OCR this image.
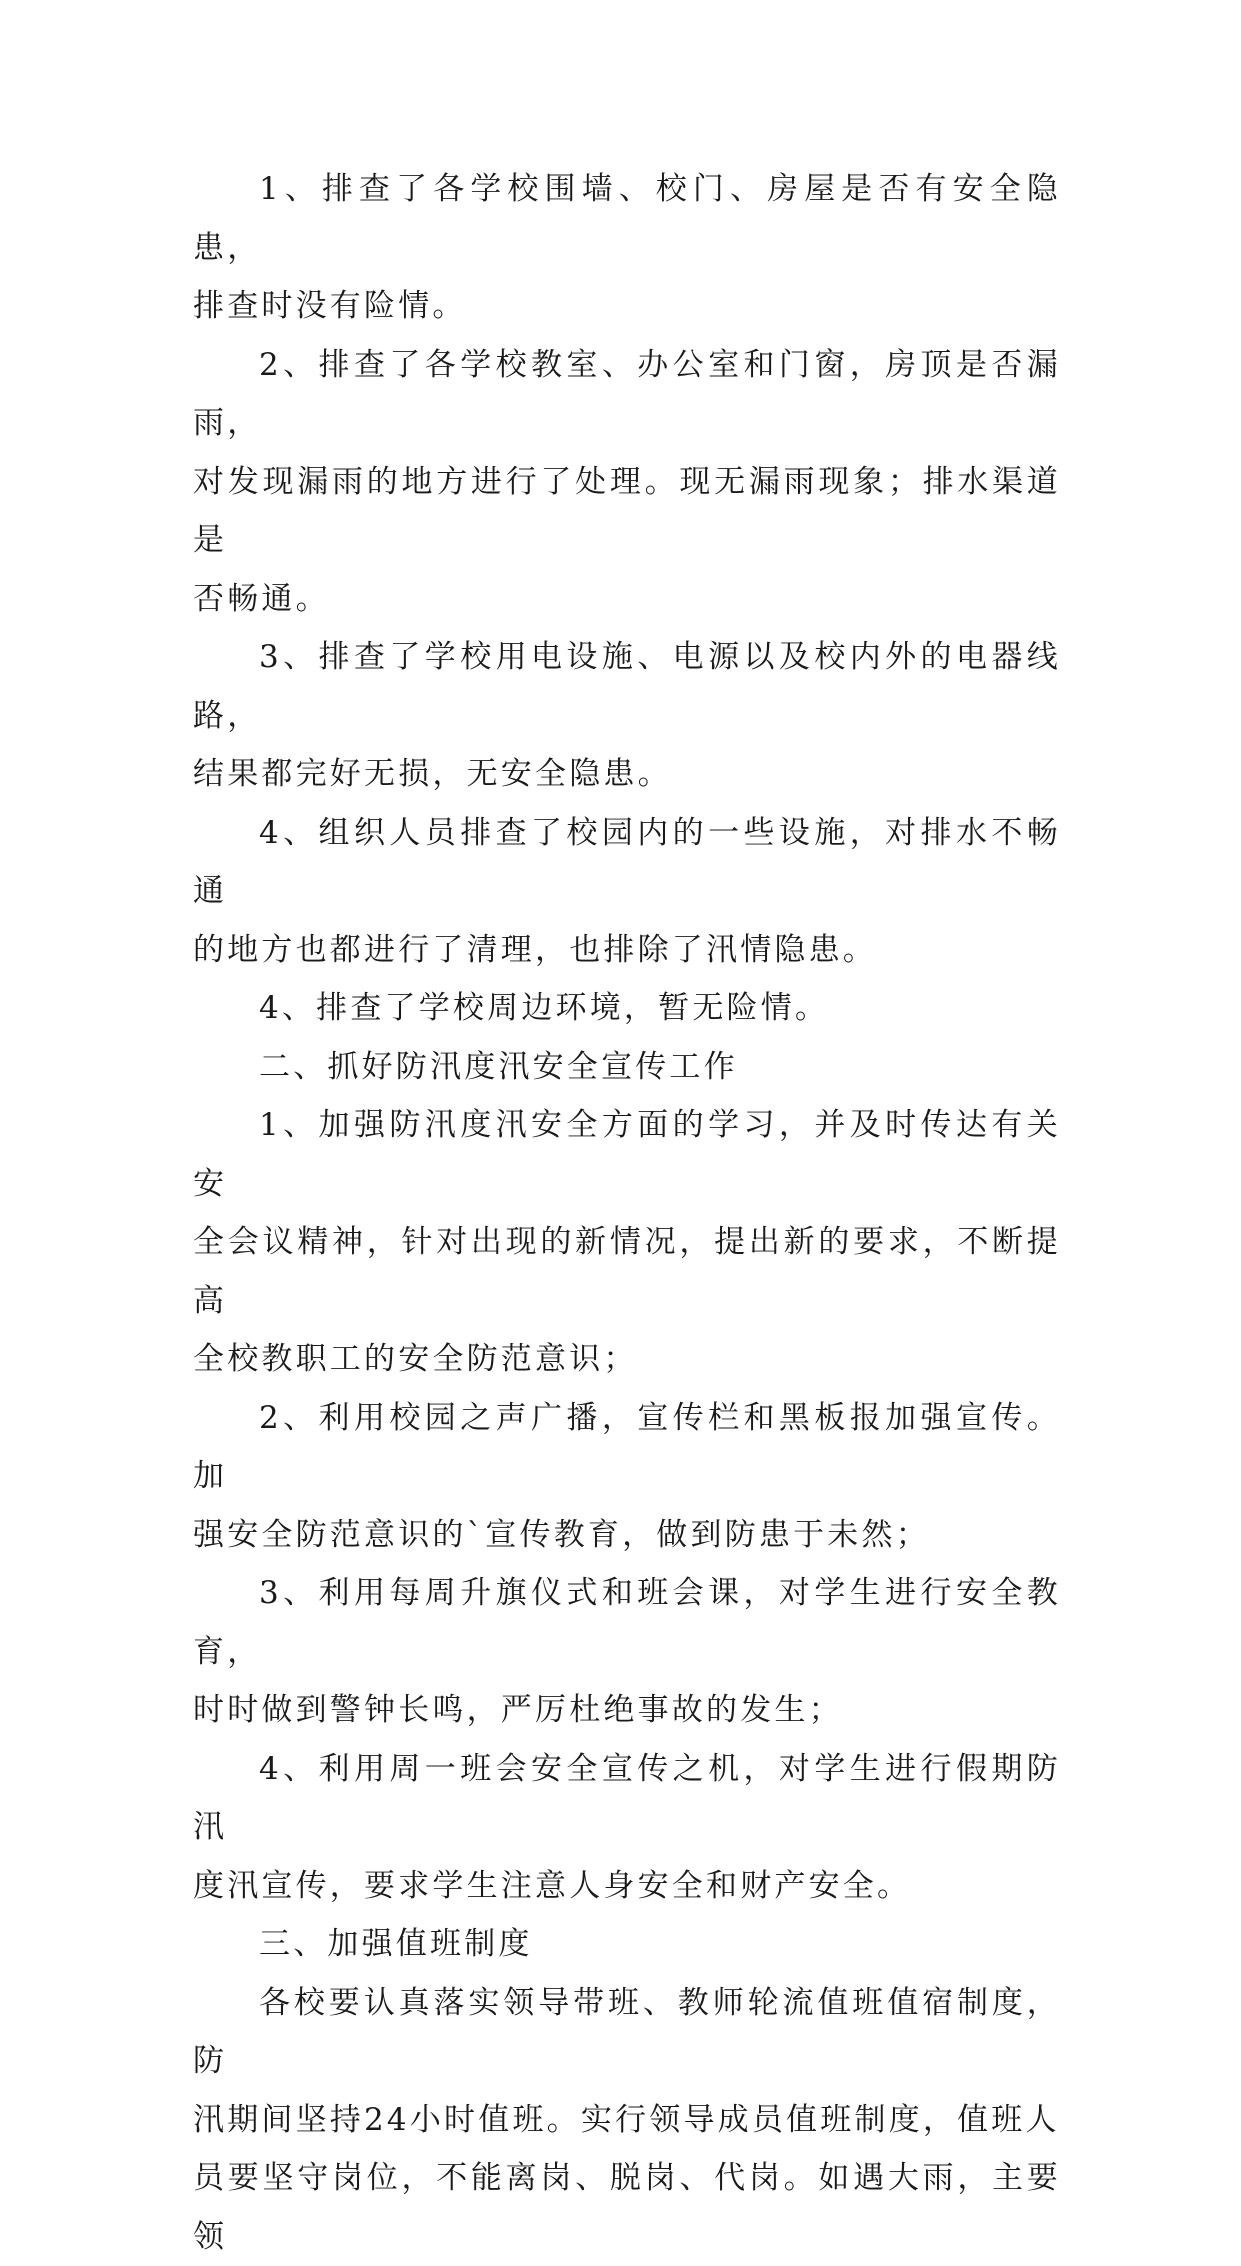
1、排查了各学校围墙、校门、房屋是否有安全隐患，
排查时没有险情。

2、排查了各学校教室、办公室和门窗，房顶是否漏雨，
对发现漏雨的地方进行了处理。现无漏雨现象；排水渠道是
否畅通。

3、排查了学校用电设施、电源以及校内外的电器线路，
结果都完好无损，无安全隐患。

4、组织人员排查了校园内的一些设施，对排水不畅通
的地方也都进行了清理，也排除了汛情隐患。

4、排查了学校周边环境，暂无险情。

二、抓好防汛度汛安全宣传工作

1、加强防汛度汛安全方面的学习，并及时传达有关安
全会议精神，针对出现的新情况，提出新的要求，不断提高
全校教职工的安全防范意识；

2、利用校园之声广播，宣传栏和黑板报加强宣传。加
强安全防范意识的`宣传教育，做到防患于未然；

3、利用每周升旗仪式和班会课，对学生进行安全教育，
时时做到警钟长鸣，严厉杜绝事故的发生；

4、利用周一班会安全宣传之机，对学生进行假期防汛
度汛宣传，要求学生注意人身安全和财产安全。

三、加强值班制度

各校要认真落实领导带班、教师轮流值班值宿制度，防
汛期间坚持24小时值班。实行领导成员值班制度，值班人
员要坚守岗位，不能离岗、脱岗、代岗。如遇大雨，主要领
